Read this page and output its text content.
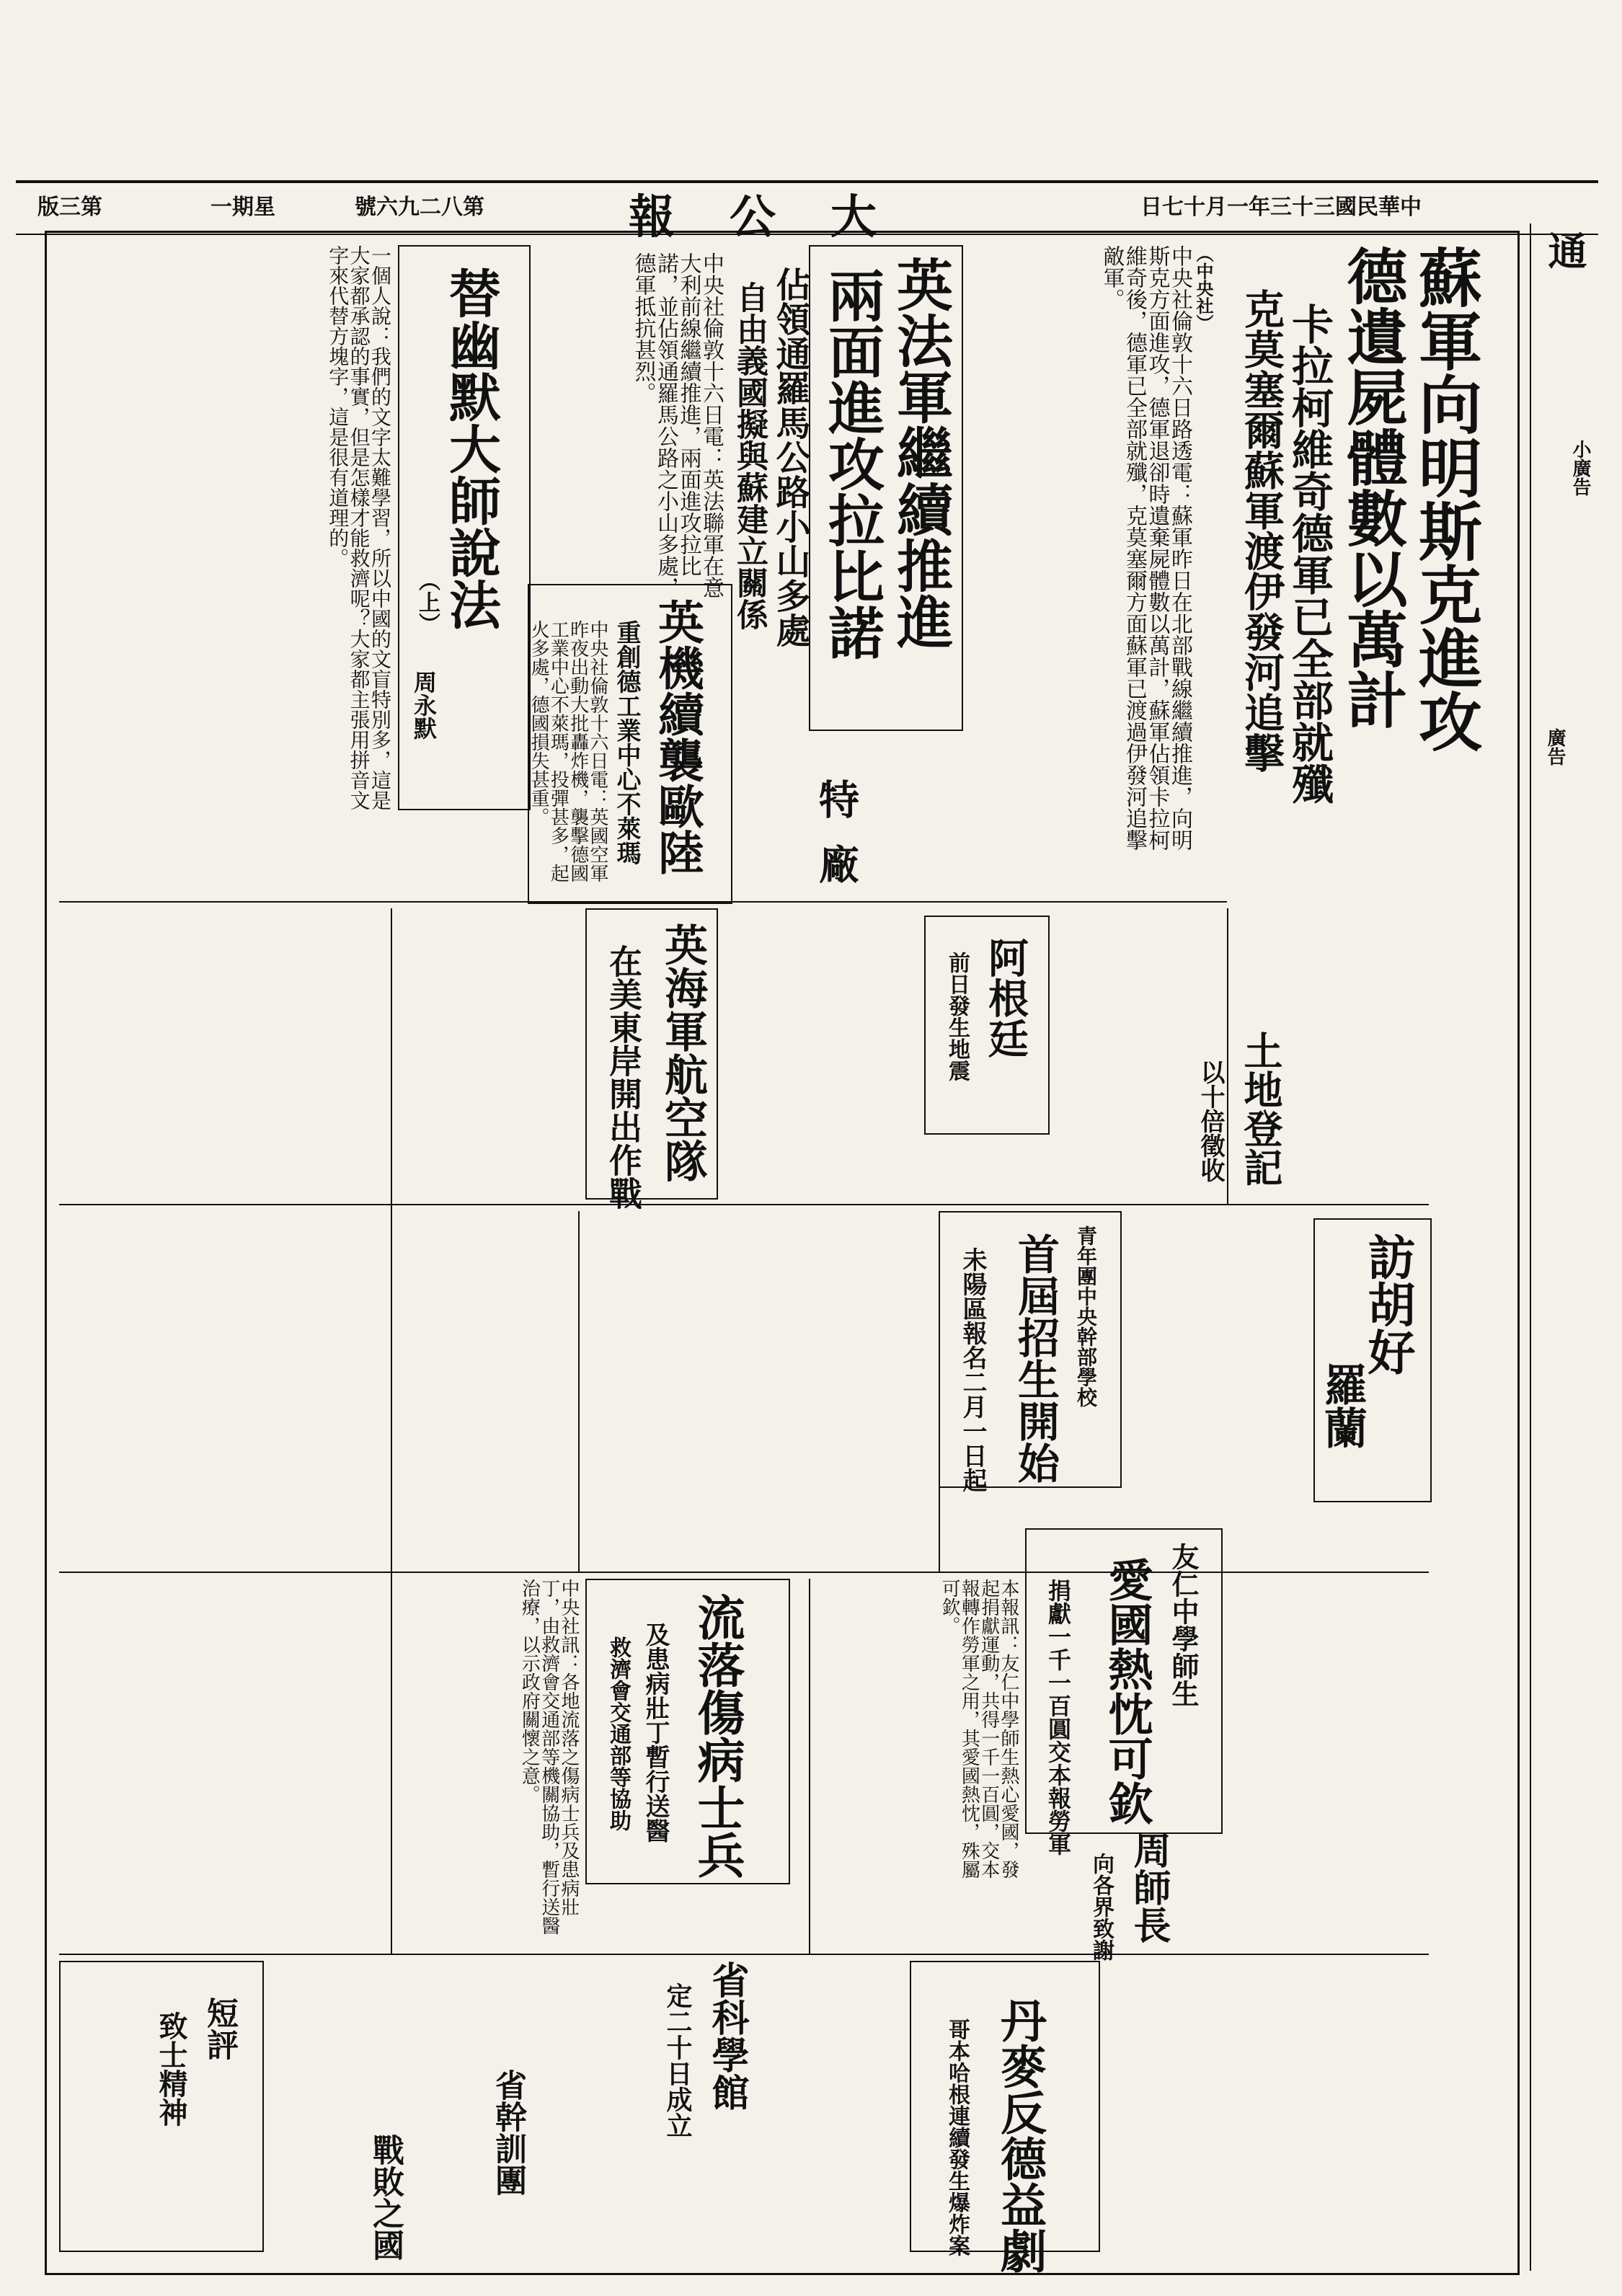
日七十月一年三十三國民華中
大
公
報
號六九二八第
一期星
版三第
通
小廣告
廣告
蘇軍向明斯克進攻
德遺屍體數以萬計
卡拉柯維奇德軍已全部就殲
克莫塞爾蘇軍渡伊發河追擊
（中央社）
中央社倫敦十六日路透電：蘇軍昨日在北部戰線繼續推進，向明斯克方面進攻，德軍退卻時遺棄屍體數以萬計，蘇軍佔領卡拉柯維奇後，德軍已全部就殲，克莫塞爾方面蘇軍已渡過伊發河追擊敵軍。
英法軍繼續推進
兩面進攻拉比諾
佔領通羅馬公路小山多處
自由義國擬與蘇建立關係
中央社倫敦十六日電：英法聯軍在意大利前線繼續推進，兩面進攻拉比諾，並佔領通羅馬公路之小山多處，德軍抵抗甚烈。
英機續襲歐陸
重創德工業中心不萊瑪
中央社倫敦十六日電：英國空軍昨夜出動大批轟炸機，襲擊德國工業中心不萊瑪，投彈甚多，起火多處，德國損失甚重。
替幽默大師說法
（上）
周永默
一個人說：我們的文字太難學習，所以中國的文盲特別多，這是大家都承認的事實，但是怎樣才能救濟呢？大家都主張用拼音文字來代替方塊字，這是很有道理的。
英海軍航空隊
在美東岸開出作戰	阿根廷
前日發生地震
青年團中央幹部學校
首屆招生開始
未陽區報名二月一日起
土地登記
以十倍徵收
訪胡好
羅蘭
友仁中學師生
愛國熱忱可欽
捐獻一千一百圓交本報勞軍
本報訊：友仁中學師生熱心愛國，發起捐獻運動，共得一千一百圓，交本報轉作勞軍之用，其愛國熱忱，殊屬可欽。
流落傷病士兵
及患病壯丁暫行送醫
救濟會交通部等協助
中央社訊：各地流落之傷病士兵及患病壯丁，由救濟會交通部等機關協助，暫行送醫治療，以示政府關懷之意。
周師長
向各界致謝
丹麥反德益劇
哥本哈根連續發生爆炸案
省科學館
定二十日成立
省幹訓團
戰敗之國
短評
致士精神
特
廠
